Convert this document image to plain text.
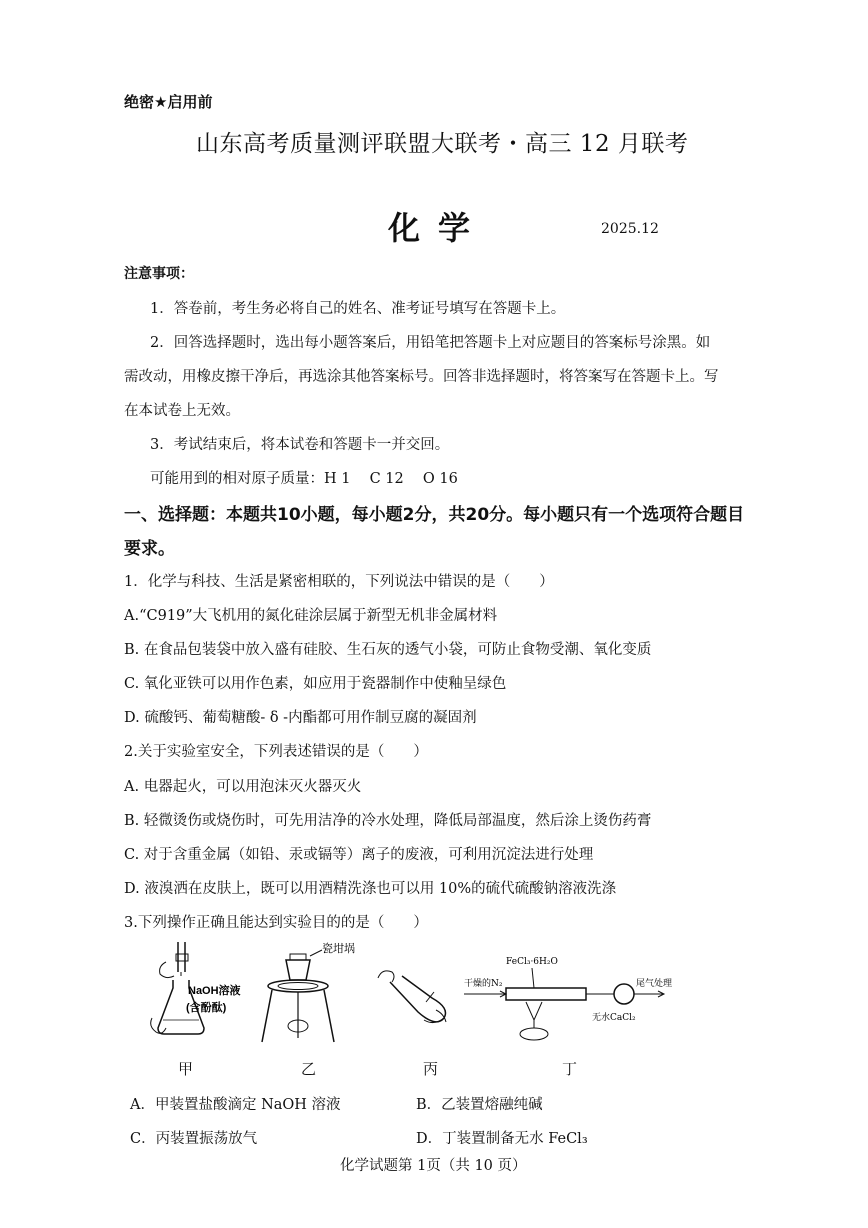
绝密★启用前
山东高考质量测评联盟大联考・高三 12 月联考
化学	2025.12
注意事项：
1．答卷前，考生务必将自己的姓名、准考证号填写在答题卡上。
2．回答选择题时，选出每小题答案后，用铅笔把答题卡上对应题目的答案标号涂黑。如
需改动，用橡皮擦干净后，再选涂其他答案标号。回答非选择题时，将答案写在答题卡上。写
在本试卷上无效。
3．考试结束后，将本试卷和答题卡一并交回。
可能用到的相对原子质量：H 1　 C 12　 O 16
一、选择题：本题共10小题，每小题2分，共20分。每小题只有一个选项符合题目
要求。
1．化学与科技、生活是紧密相联的，下列说法中错误的是（　　）
A.“C919”大飞机用的氮化硅涂层属于新型无机非金属材料
B. 在食品包装袋中放入盛有硅胶、生石灰的透气小袋，可防止食物受潮、氧化变质
C. 氧化亚铁可以用作色素，如应用于瓷器制作中使釉呈绿色
D. 硫酸钙、葡萄糖酸- δ -内酯都可用作制豆腐的凝固剂
2.关于实验室安全，下列表述错误的是（　　）
A. 电器起火，可以用泡沫灭火器灭火
B. 轻微烫伤或烧伤时，可先用洁净的冷水处理，降低局部温度，然后涂上烫伤药膏
C. 对于含重金属（如铅、汞或镉等）离子的废液，可利用沉淀法进行处理
D. 液溴洒在皮肤上，既可以用酒精洗涤也可以用 10%的硫代硫酸钠溶液洗涤
3.下列操作正确且能达到实验目的的是（　　）
NaOH溶液
(含酚酞)
瓷坩埚
干燥的N₂
FeCl₃·6H₂O
尾气处理
无水CaCl₂
甲	乙	丙	丁
A．甲装置盐酸滴定 NaOH 溶液	B．乙装置熔融纯碱
C．丙装置振荡放气	D．丁装置制备无水 FeCl₃
化学试题第 1页（共 10 页）
